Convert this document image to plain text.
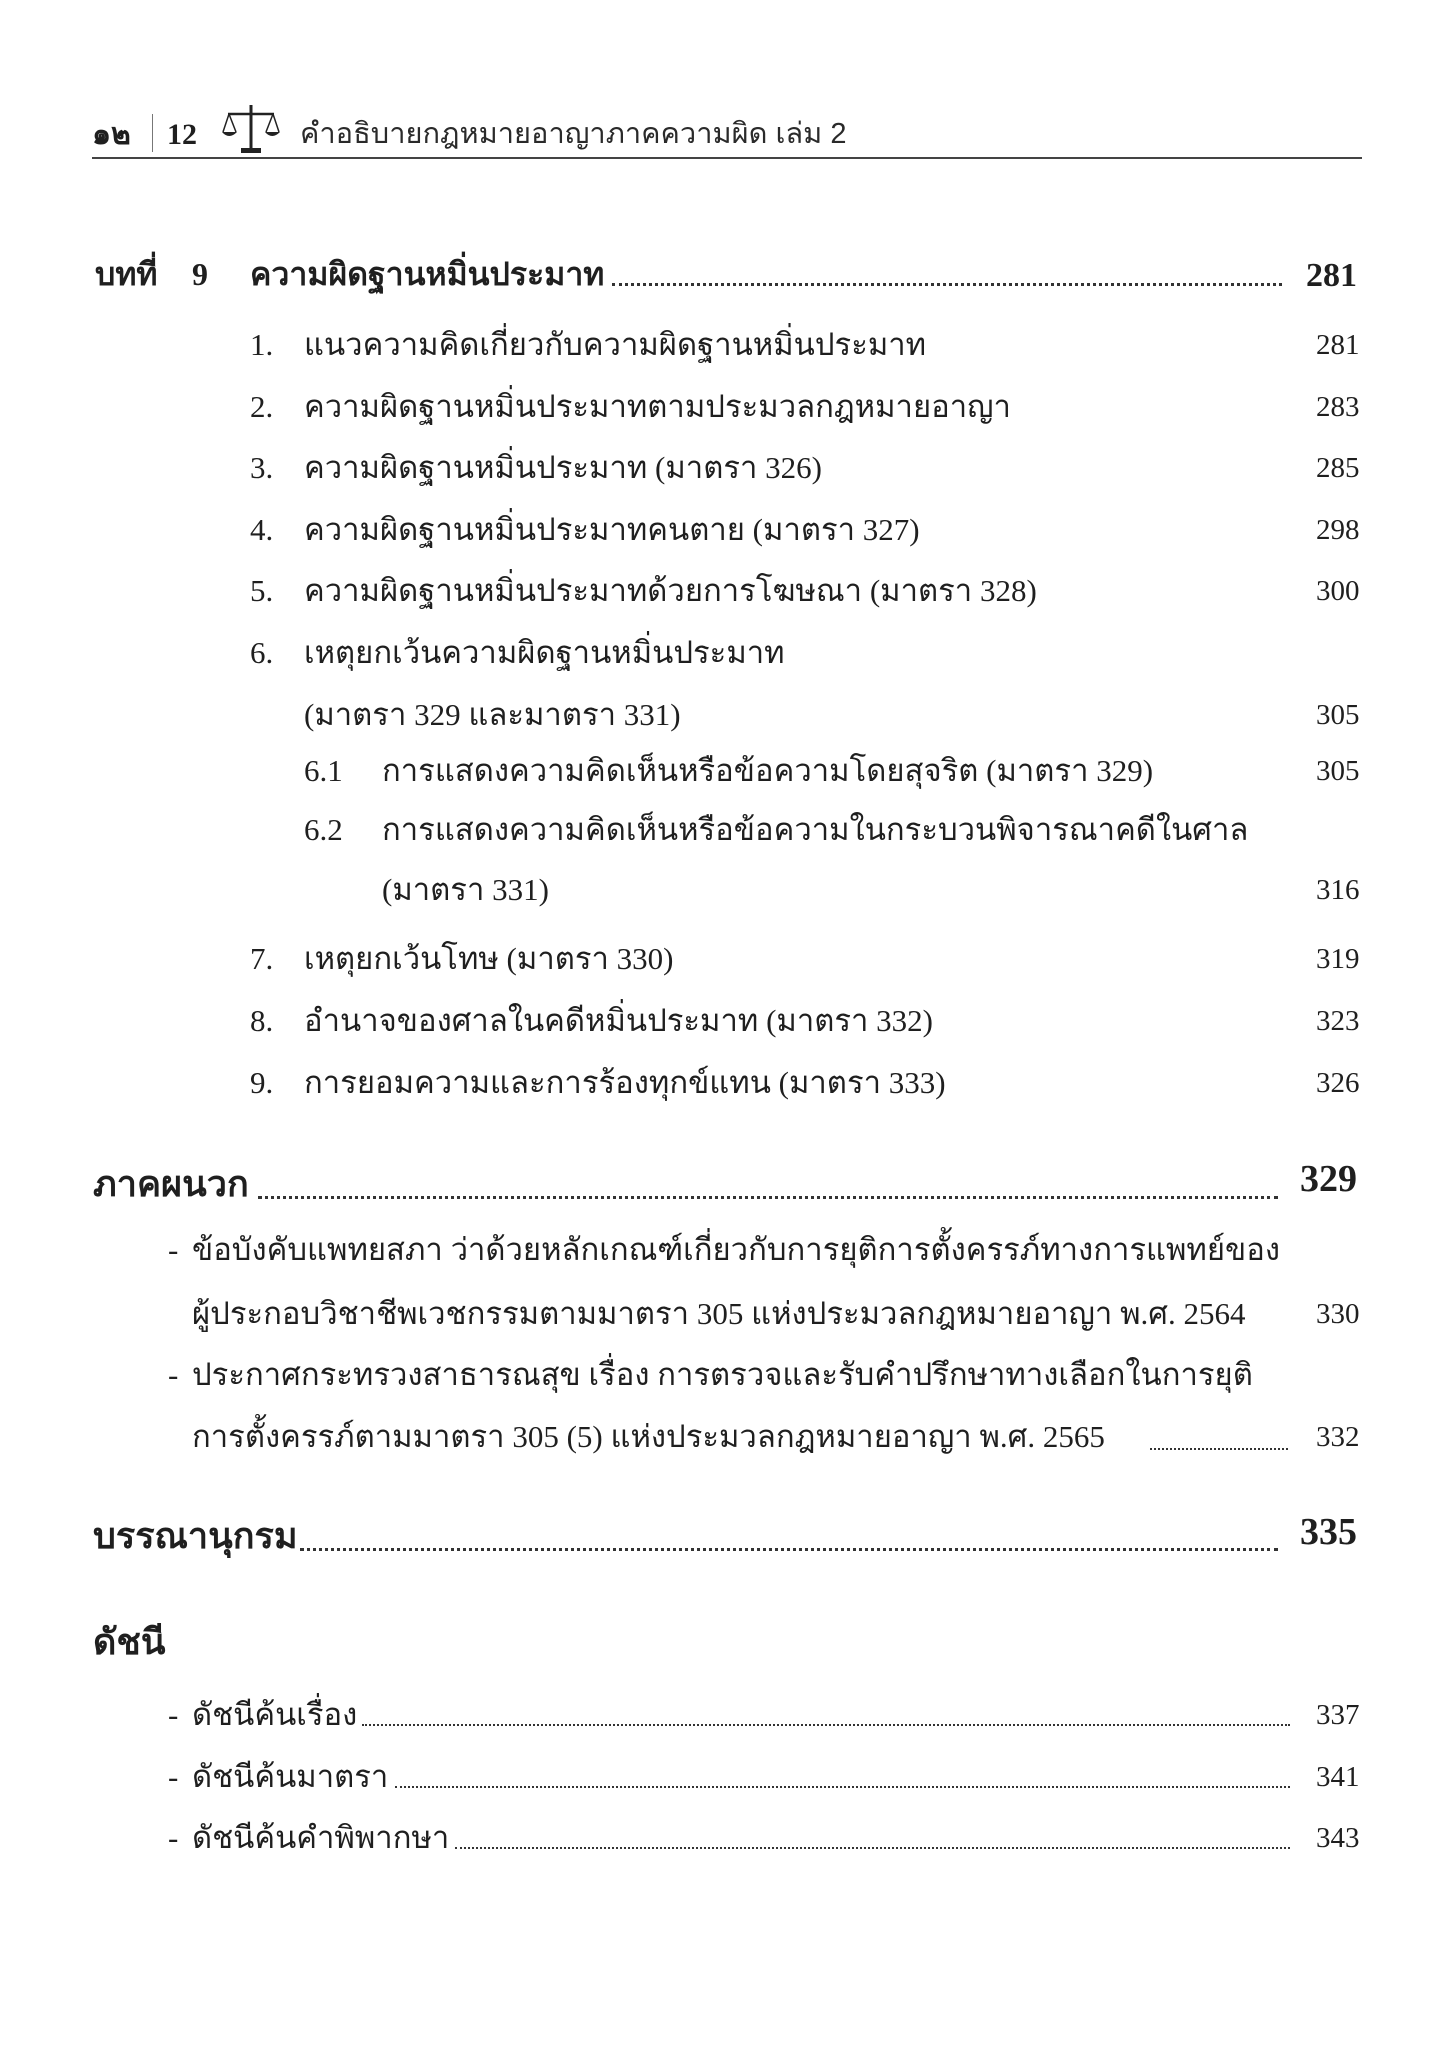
๑๒ 12	คำอธิบายกฎหมายอาญาภาคความผิด เล่ม 2
บทที่ 9 ความผิดฐานหมิ่นประมาท	281
1. แนวความคิดเกี่ยวกับความผิดฐานหมิ่นประมาท	281
2. ความผิดฐานหมิ่นประมาทตามประมวลกฎหมายอาญา	283
3. ความผิดฐานหมิ่นประมาท (มาตรา 326)	285
4. ความผิดฐานหมิ่นประมาทคนตาย (มาตรา 327)	298
5. ความผิดฐานหมิ่นประมาทด้วยการโฆษณา (มาตรา 328)	300
6. เหตุยกเว้นความผิดฐานหมิ่นประมาท
(มาตรา 329 และมาตรา 331)	305
6.1 การแสดงความคิดเห็นหรือข้อความโดยสุจริต (มาตรา 329)	305
6.2 การแสดงความคิดเห็นหรือข้อความในกระบวนพิจารณาคดีในศาล
(มาตรา 331)	316
7. เหตุยกเว้นโทษ (มาตรา 330)	319
8. อำนาจของศาลในคดีหมิ่นประมาท (มาตรา 332)	323
9. การยอมความและการร้องทุกข์แทน (มาตรา 333)	326
ภาคผนวก	329
- ข้อบังคับแพทยสภา ว่าด้วยหลักเกณฑ์เกี่ยวกับการยุติการตั้งครรภ์ทางการแพทย์ของ
ผู้ประกอบวิชาชีพเวชกรรมตามมาตรา 305 แห่งประมวลกฎหมายอาญา พ.ศ. 2564 330
- ประกาศกระทรวงสาธารณสุข เรื่อง การตรวจและรับคำปรึกษาทางเลือกในการยุติ
การตั้งครรภ์ตามมาตรา 305 (5) แห่งประมวลกฎหมายอาญา พ.ศ. 2565	332
บรรณานุกรม	335
ดัชนี
- ดัชนีค้นเรื่อง	337
- ดัชนีค้นมาตรา	341
- ดัชนีค้นคำพิพากษา	343
